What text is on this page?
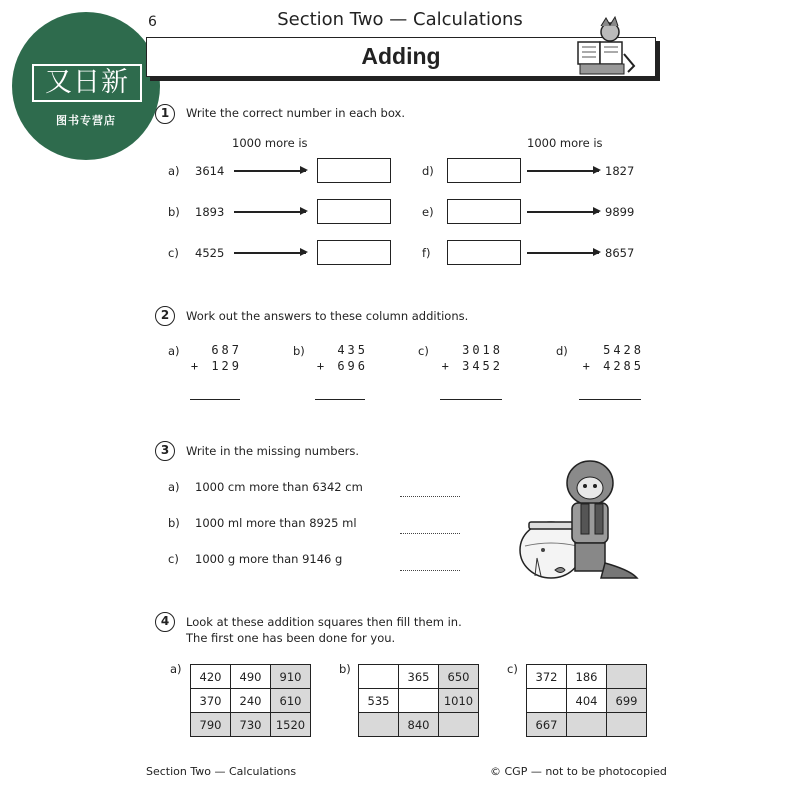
又日新
图书专营店
6	Section Two — Calculations
Adding
1	Write the correct number in each box.
1000 more is	1000 more is
a) 3614
b) 1893
c) 4525
d)	1827
e)	9899
f)	8657
2	Work out the answers to these column additions.
a)	687
+ 129
b)	435
+ 696
c)	3018
+ 3452
d)	5428
+ 4285
3	Write in the missing numbers.
a) 1000 cm more than 6342 cm
b) 1000 ml more than 8925 ml
c) 1000 g more than 9146 g
4	Look at these addition squares then fill them in.
The first one has been done for you.
a)
420	490	910
370	240	610
790	730	1520
b)
	365	650
535		1010
	840	
c)
372	186	
	404	699
667		
Section Two — Calculations	© CGP — not to be photocopied
